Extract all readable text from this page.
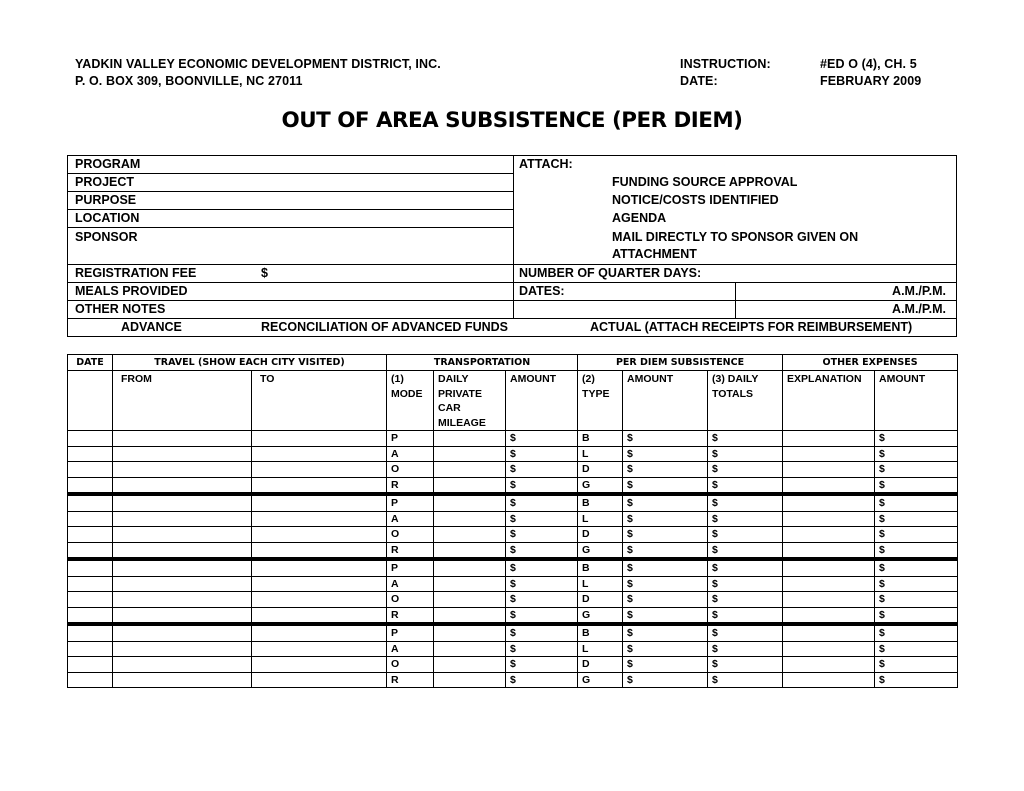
YADKIN VALLEY ECONOMIC DEVELOPMENT DISTRICT, INC.
P. O. BOX 309, BOONVILLE, NC 27011
INSTRUCTION:	#ED O (4), CH. 5
DATE:	FEBRUARY 2009
OUT OF AREA SUBSISTENCE (PER DIEM)
PROGRAM
PROJECT
PURPOSE
LOCATION
SPONSOR
REGISTRATION FEE	$
MEALS PROVIDED
OTHER NOTES
ATTACH:
FUNDING SOURCE APPROVAL
NOTICE/COSTS IDENTIFIED
AGENDA
MAIL DIRECTLY TO SPONSOR GIVEN ON
ATTACHMENT
NUMBER OF QUARTER DAYS:
DATES:	A.M./P.M.
A.M./P.M.
ADVANCE	RECONCILIATION OF ADVANCED FUNDS	ACTUAL (ATTACH RECEIPTS FOR REIMBURSEMENT)
DATE	TRAVEL (SHOW EACH CITY VISITED)		TRANSPORTATION			PER DIEM SUBSISTENCE			OTHER EXPENSES	
	FROM	TO	(1) MODE	DAILY PRIVATE CAR MILEAGE	AMOUNT	(2) TYPE	AMOUNT	(3) DAILY TOTALS	EXPLANATION	AMOUNT
			P		$	B	$	$		$
			A		$	L	$	$		$
			O		$	D	$	$		$
			R		$	G	$	$		$
			P		$	B	$	$		$
			A		$	L	$	$		$
			O		$	D	$	$		$
			R		$	G	$	$		$
			P		$	B	$	$		$
			A		$	L	$	$		$
			O		$	D	$	$		$
			R		$	G	$	$		$
			P		$	B	$	$		$
			A		$	L	$	$		$
			O		$	D	$	$		$
			R		$	G	$	$		$
